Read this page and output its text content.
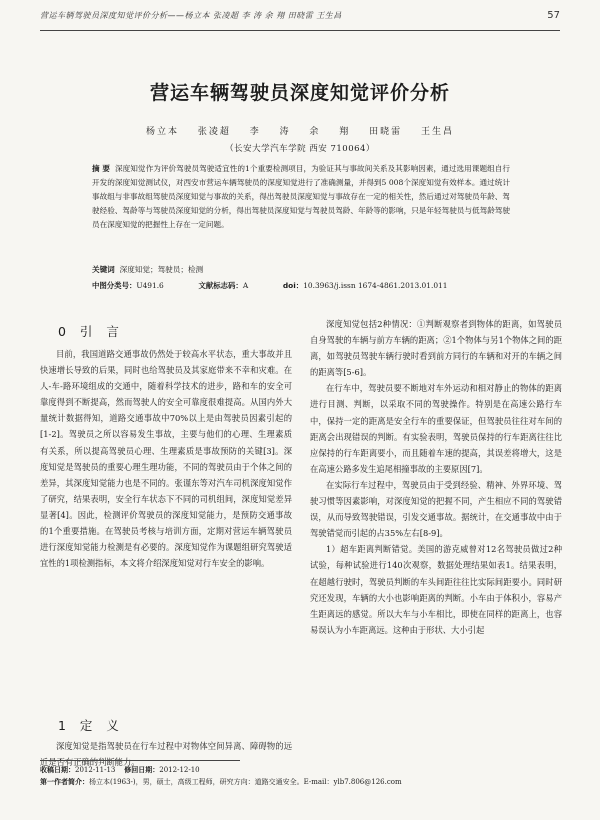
营运车辆驾驶员深度知觉评价分析——杨立本 张凌超 李 涛 余 翔 田晓雷 王生昌	57
营运车辆驾驶员深度知觉评价分析
杨立本 张凌超 李 涛 余 翔 田晓雷 王生昌
（长安大学汽车学院 西安 710064）
摘 要 深度知觉作为评价驾驶员驾驶适宜性的1个重要检测项目，为验证其与事故间关系及其影响因素，通过选用课题组自行开发的深度知觉测试仪，对西安市营运车辆驾驶员的深度知觉进行了准确测量，并得到5 008个深度知觉有效样本。通过统计事故组与非事故组驾驶员深度知觉与事故的关系，得出驾驶员深度知觉与事故存在一定的相关性，然后通过对驾驶员年龄、驾驶经验、驾龄等与驾驶员深度知觉的分析，得出驾驶员深度知觉与驾驶员驾龄、年龄等的影响，只是年轻驾驶员与低驾龄驾驶员在深度知觉的把握性上存在一定问题。
关键词 深度知觉；驾驶员；检测
中图分类号：U491.6	文献标志码：A	doi：10.3963/j.issn 1674-4861.2013.01.011
0 引 言

目前，我国道路交通事故仍然处于较高水平状态，重大事故并且快速增长导致的后果，同时也给驾驶员及其家庭带来不幸和灾难。在人-车-路环境组成的交通中，随着科学技术的进步，路和车的安全可靠度得到不断提高，然而驾驶人的安全可靠度很难提高。从国内外大量统计数据得知，道路交通事故中70%以上是由驾驶员因素引起的[1-2]。驾驶员之所以容易发生事故，主要与他们的心理、生理素质有关系，所以提高驾驶员心理、生理素质是事故预防的关键[3]。深度知觉是驾驶员的重要心理生理功能，不同的驾驶员由于个体之间的差异，其深度知觉能力也是不同的。张谨东等对汽车司机深度知觉作了研究，结果表明，安全行车状态下不同的司机组间，深度知觉差异显著[4]。因此，检测评价驾驶员的深度知觉能力，是预防交通事故的1个重要措施。在驾驶员考核与培训方面，定期对营运车辆驾驶员进行深度知觉能力检测是有必要的。深度知觉作为课题组研究驾驶适宜性的1项检测指标，本文将介绍深度知觉对行车安全的影响。

1 定 义
深度知觉是指驾驶员在行车过程中对物体空间异离、障碍物的远近是否有正确的判断能力。

深度知觉包括2种情况：①判断观察者到物体的距离，如驾驶员自身驾驶的车辆与前方车辆的距离；②1个物体与另1个物体之间的距离，如驾驶员驾驶车辆行驶时看到前方同行的车辆和对开的车辆之间的距离等[5-6]。

在行车中，驾驶员要不断地对车外运动和相对静止的物体的距离进行目测、判断，以采取不同的驾驶操作。特别是在高速公路行车中，保持一定的距离是安全行车的重要保证，但驾驶员往往对车间的距离会出现错误的判断。有实验表明，驾驶员保持的行车距离往往比应保持的行车距离要小，而且随着车速的提高，其误差将增大，这是在高速公路多发生追尾相撞事故的主要原因[7]。

在实际行车过程中，驾驶员由于受到经验、精神、外界环境、驾驶习惯等因素影响，对深度知觉的把握不同，产生相应不同的驾驶错误，从而导致驾驶错误，引发交通事故。据统计，在交通事故中由于驾驶错觉而引起的占35%左右[8-9]。

1）超车距离判断错觉。美国的游克威曾对12名驾驶员做过2种试验，每种试验进行140次观察，数据处理结果如表1。结果表明，在超越行驶时，驾驶员判断的车头间距往往比实际间距要小。同时研究还发现，车辆的大小也影响距离的判断。小车由于体积小，容易产生距离远的感觉。所以大车与小车相比，即使在同样的距离上，也容易误认为小车距离远。这种由于形状、大小引起

收稿日期：2012-11-13 修回日期：2012-12-10
第一作者简介：杨立本(1963-)，男，硕士，高级工程师，研究方向：道路交通安全。E-mail：ylb7.806@126.com
